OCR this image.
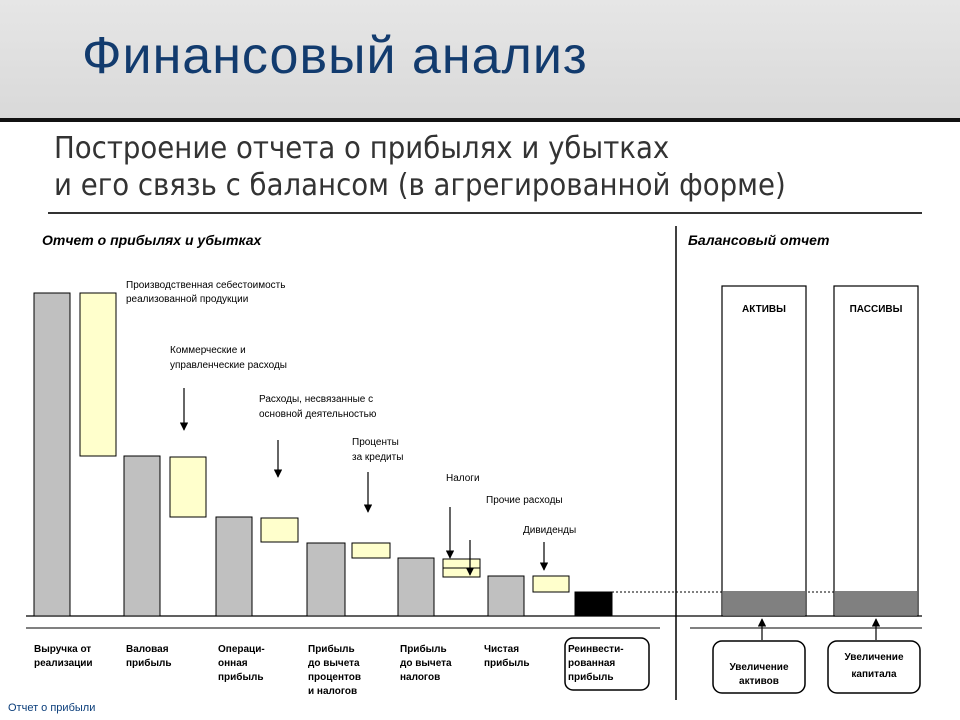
Финансовый анализ
Построение отчета о прибылях и убытках
и его связь с балансом (в агрегированной форме)
Отчет о прибылях и убытках	Балансовый отчет
Производственная себестоимость
реализованной продукции
Коммерческие и
управленческие расходы
Расходы, несвязанные с
основной деятельностью
Проценты
за кредиты
Налоги
Прочие расходы
Дивиденды
Выручка от
реализации
Валовая
прибыль
Операци-
онная
прибыль
Прибыль
до вычета
процентов
и налогов
Прибыль
до вычета
налогов
Чистая
прибыль
Реинвести-
рованная
прибыль
АКТИВЫ	ПАССИВЫ
Увеличение
активов
Увеличение
капитала
Отчет о прибыли
